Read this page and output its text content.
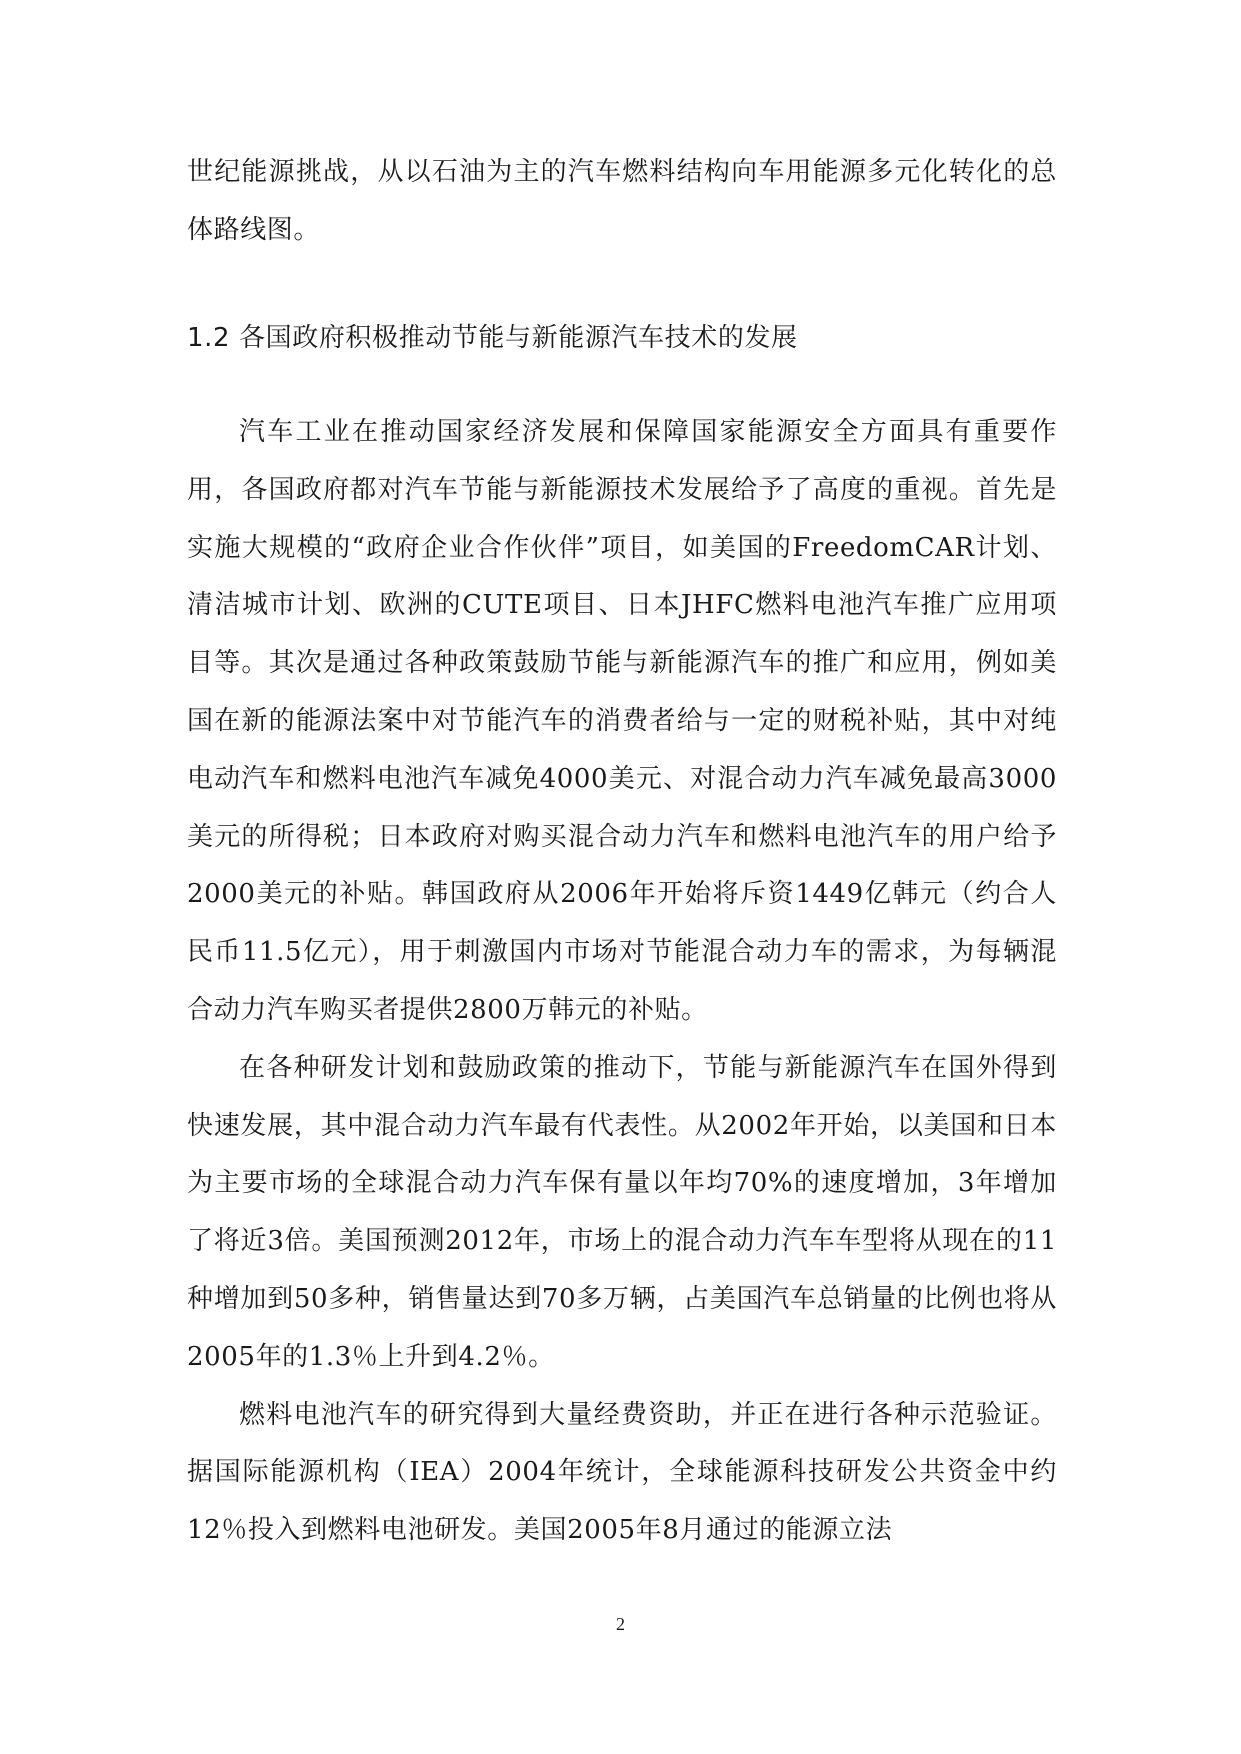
世纪能源挑战，从以石油为主的汽车燃料结构向车用能源多元化转化的总体路线图。

1.2 各国政府积极推动节能与新能源汽车技术的发展

汽车工业在推动国家经济发展和保障国家能源安全方面具有重要作用，各国政府都对汽车节能与新能源技术发展给予了高度的重视。首先是实施大规模的“政府企业合作伙伴”项目，如美国的FreedomCAR计划、清洁城市计划、欧洲的CUTE项目、日本JHFC燃料电池汽车推广应用项目等。其次是通过各种政策鼓励节能与新能源汽车的推广和应用，例如美国在新的能源法案中对节能汽车的消费者给与一定的财税补贴，其中对纯电动汽车和燃料电池汽车减免4000美元、对混合动力汽车减免最高3000美元的所得税；日本政府对购买混合动力汽车和燃料电池汽车的用户给予2000美元的补贴。韩国政府从2006年开始将斥资1449亿韩元（约合人民币11.5亿元），用于刺激国内市场对节能混合动力车的需求，为每辆混合动力汽车购买者提供2800万韩元的补贴。

在各种研发计划和鼓励政策的推动下，节能与新能源汽车在国外得到快速发展，其中混合动力汽车最有代表性。从2002年开始，以美国和日本为主要市场的全球混合动力汽车保有量以年均70%的速度增加，3年增加了将近3倍。美国预测2012年，市场上的混合动力汽车车型将从现在的11种增加到50多种，销售量达到70多万辆，占美国汽车总销量的比例也将从2005年的1.3％上升到4.2％。

燃料电池汽车的研究得到大量经费资助，并正在进行各种示范验证。据国际能源机构（IEA）2004年统计，全球能源科技研发公共资金中约12％投入到燃料电池研发。美国2005年8月通过的能源立法

2
